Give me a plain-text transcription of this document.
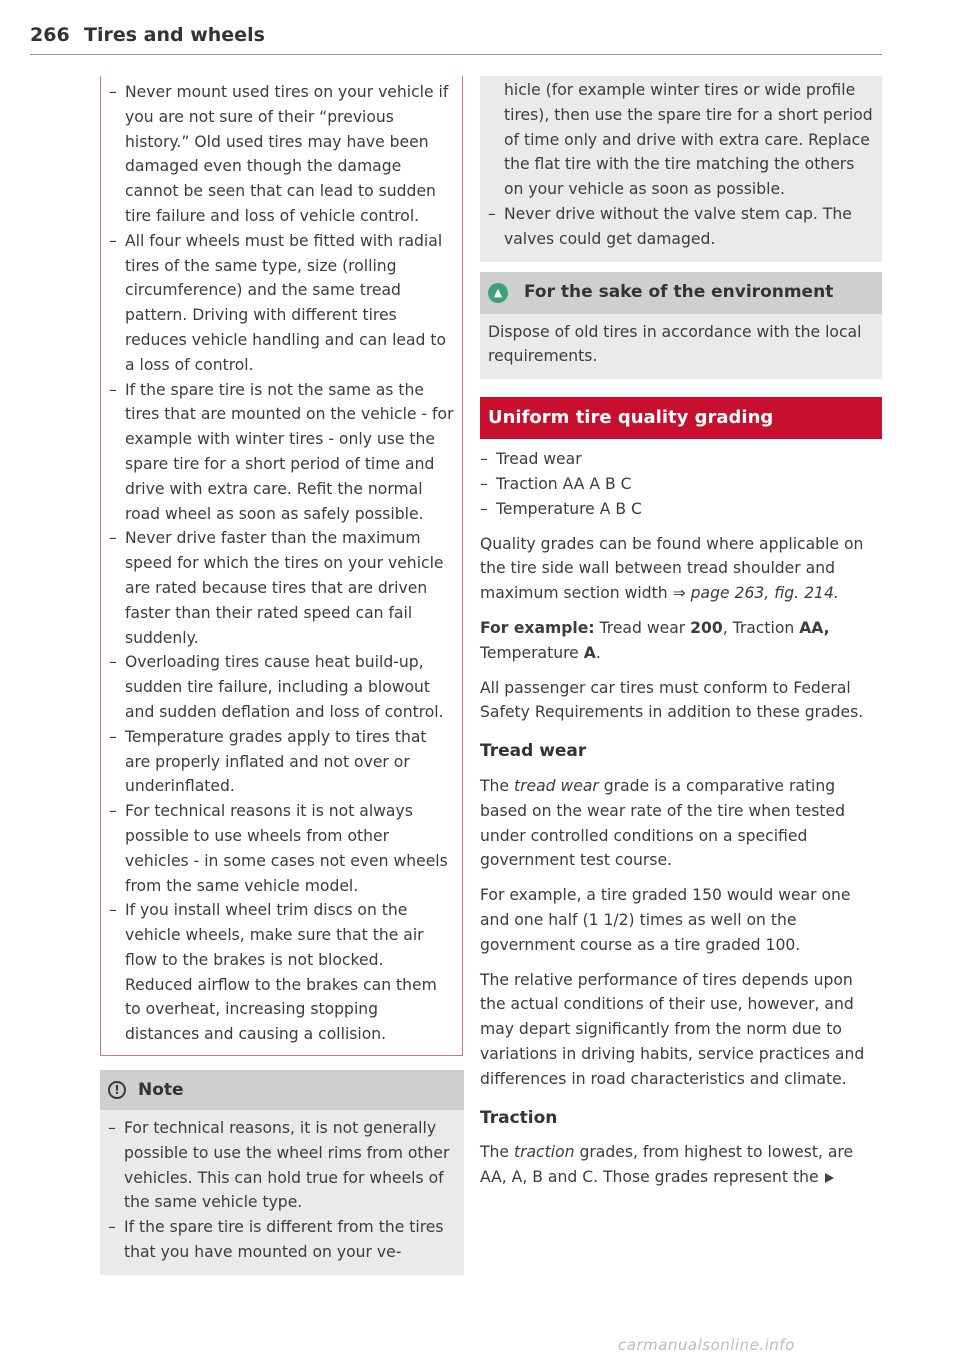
266 Tires and wheels
– Never mount used tires on your vehicle if you are not sure of their “previous history.” Old used tires may have been damaged even though the damage cannot be seen that can lead to sudden tire failure and loss of vehicle control.
– All four wheels must be fitted with radial tires of the same type, size (rolling circumference) and the same tread pattern. Driving with different tires reduces vehicle handling and can lead to a loss of control.
– If the spare tire is not the same as the tires that are mounted on the vehicle - for example with winter tires - only use the spare tire for a short period of time and drive with extra care. Refit the normal road wheel as soon as safely possible.
– Never drive faster than the maximum speed for which the tires on your vehicle are rated because tires that are driven faster than their rated speed can fail suddenly.
– Overloading tires cause heat build-up, sudden tire failure, including a blowout and sudden deflation and loss of control.
– Temperature grades apply to tires that are properly inflated and not over or underinflated.
– For technical reasons it is not always possible to use wheels from other vehicles - in some cases not even wheels from the same vehicle model.
– If you install wheel trim discs on the vehicle wheels, make sure that the air flow to the brakes is not blocked. Reduced airflow to the brakes can them to overheat, increasing stopping distances and causing a collision.
!	Note
– For technical reasons, it is not generally possible to use the wheel rims from other vehicles. This can hold true for wheels of the same vehicle type.
– If the spare tire is different from the tires that you have mounted on your ve-

hicle (for example winter tires or wide profile tires), then use the spare tire for a short period of time only and drive with extra care. Replace the flat tire with the tire matching the others on your vehicle as soon as possible.

– Never drive without the valve stem cap. The valves could get damaged.
▲ For the sake of the environment

Dispose of old tires in accordance with the local requirements.

Uniform tire quality grading
– Tread wear
– Traction AA A B C
– Temperature A B C

Quality grades can be found where applicable on the tire side wall between tread shoulder and maximum section width ⇒ page 263, fig. 214.

For example: Tread wear 200, Traction AA, Temperature A.

All passenger car tires must conform to Federal Safety Requirements in addition to these grades.

Tread wear

The tread wear grade is a comparative rating based on the wear rate of the tire when tested under controlled conditions on a specified government test course.

For example, a tire graded 150 would wear one and one half (1 1/2) times as well on the government course as a tire graded 100.

The relative performance of tires depends upon the actual conditions of their use, however, and may depart significantly from the norm due to variations in driving habits, service practices and differences in road characteristics and climate.

Traction

The traction grades, from highest to lowest, are AA, A, B and C. Those grades represent the

carmanualsonline.info
